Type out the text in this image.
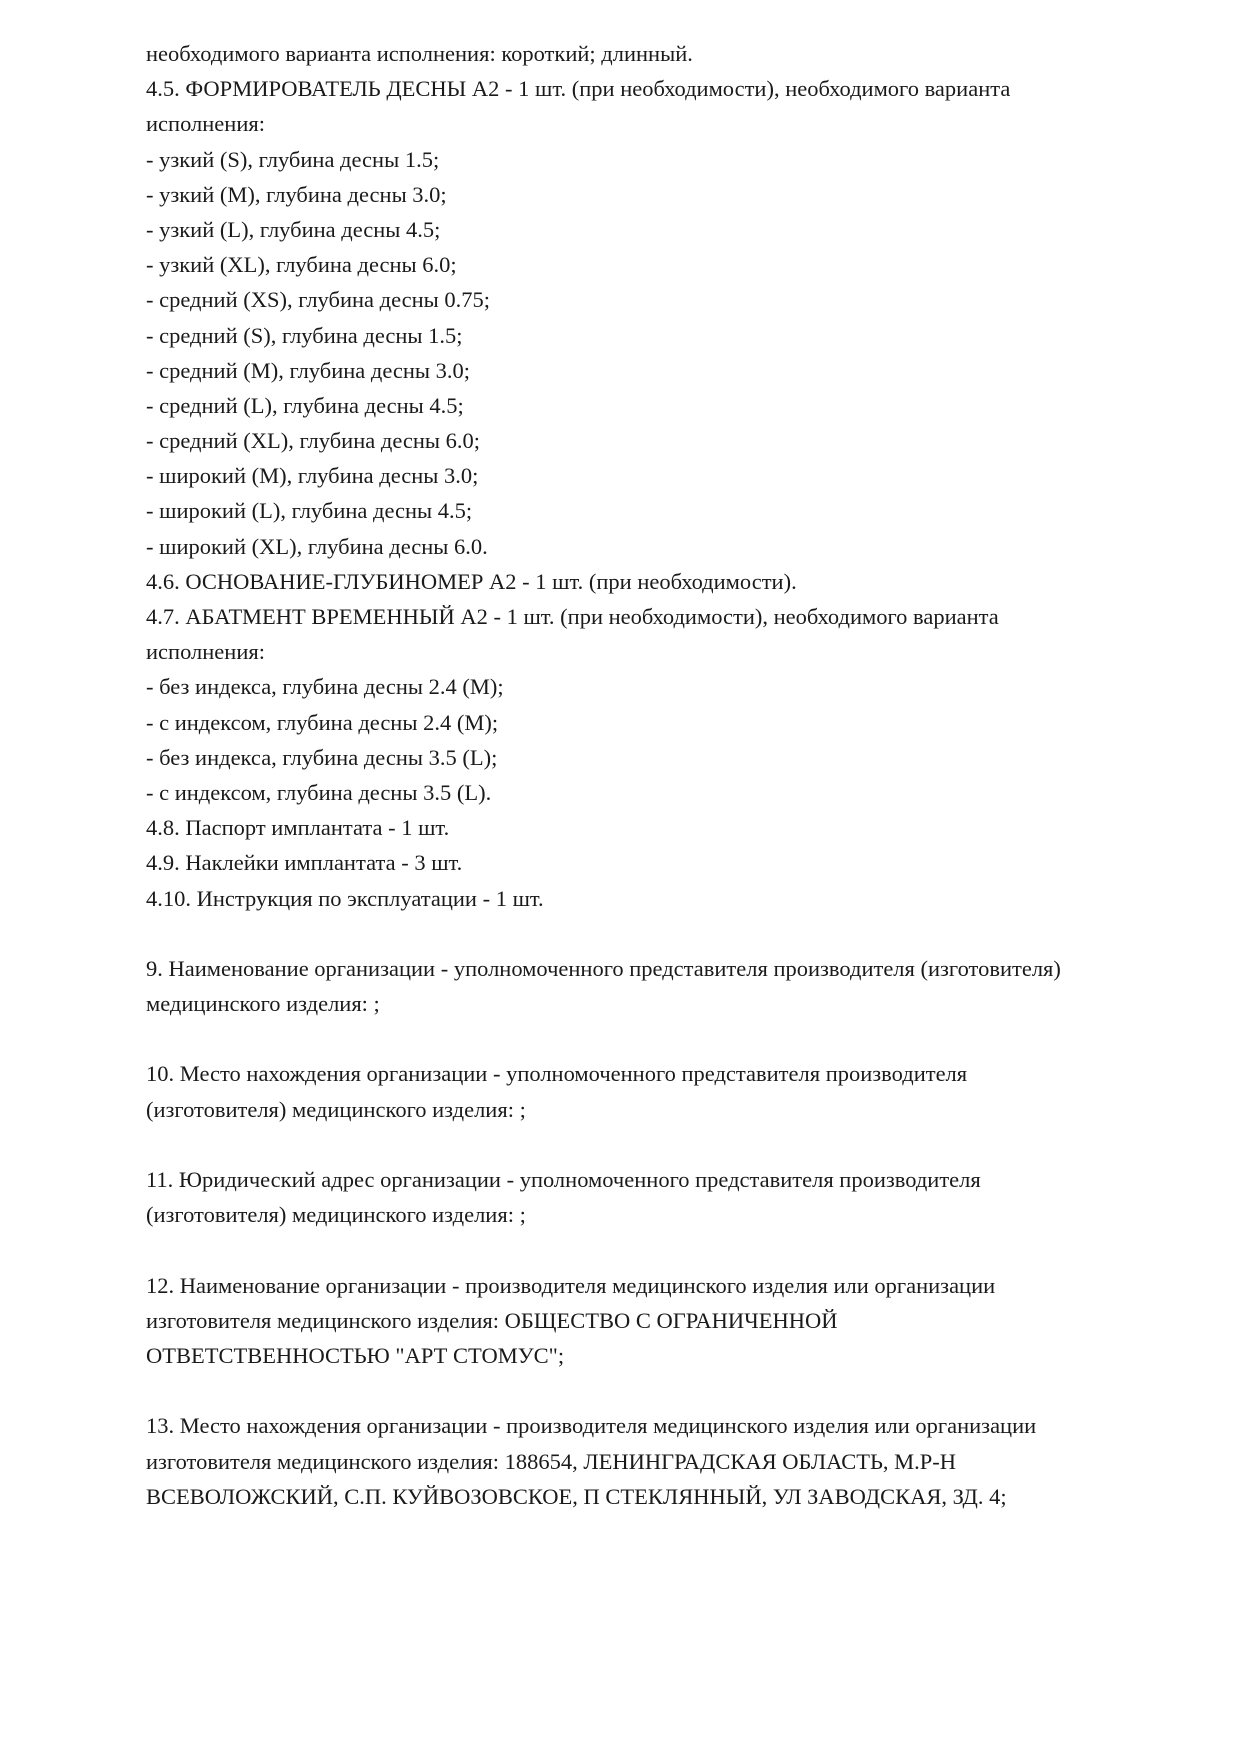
необходимого варианта исполнения: короткий; длинный.
4.5. ФОРМИРОВАТЕЛЬ ДЕСНЫ А2 - 1 шт. (при необходимости), необходимого варианта
исполнения:
- узкий (S), глубина десны 1.5;
- узкий (M), глубина десны 3.0;
- узкий (L), глубина десны 4.5;
- узкий (XL), глубина десны 6.0;
- средний (XS), глубина десны 0.75;
- средний (S), глубина десны 1.5;
- средний (M), глубина десны 3.0;
- средний (L), глубина десны 4.5;
- средний (XL), глубина десны 6.0;
- широкий (M), глубина десны 3.0;
- широкий (L), глубина десны 4.5;
- широкий (XL), глубина десны 6.0.
4.6. ОСНОВАНИЕ-ГЛУБИНОМЕР А2 - 1 шт. (при необходимости).
4.7. АБАТМЕНТ ВРЕМЕННЫЙ А2 - 1 шт. (при необходимости), необходимого варианта
исполнения:
- без индекса, глубина десны 2.4 (M);
- с индексом, глубина десны 2.4 (M);
- без индекса, глубина десны 3.5 (L);
- с индексом, глубина десны 3.5 (L).
4.8. Паспорт имплантата - 1 шт.
4.9. Наклейки имплантата - 3 шт.
4.10. Инструкция по эксплуатации - 1 шт.
9. Наименование организации - уполномоченного представителя производителя (изготовителя)
медицинского изделия: ;
10. Место нахождения организации - уполномоченного представителя производителя
(изготовителя) медицинского изделия: ;
11. Юридический адрес организации - уполномоченного представителя производителя
(изготовителя) медицинского изделия: ;
12. Наименование организации - производителя медицинского изделия или организации
изготовителя медицинского изделия: ОБЩЕСТВО С ОГРАНИЧЕННОЙ
ОТВЕТСТВЕННОСТЬЮ "АРТ СТОМУС";
13. Место нахождения организации - производителя медицинского изделия или организации
изготовителя медицинского изделия: 188654, ЛЕНИНГРАДСКАЯ ОБЛАСТЬ, М.Р-Н
ВСЕВОЛОЖСКИЙ, С.П. КУЙВОЗОВСКОЕ, П СТЕКЛЯННЫЙ, УЛ ЗАВОДСКАЯ, ЗД. 4;
